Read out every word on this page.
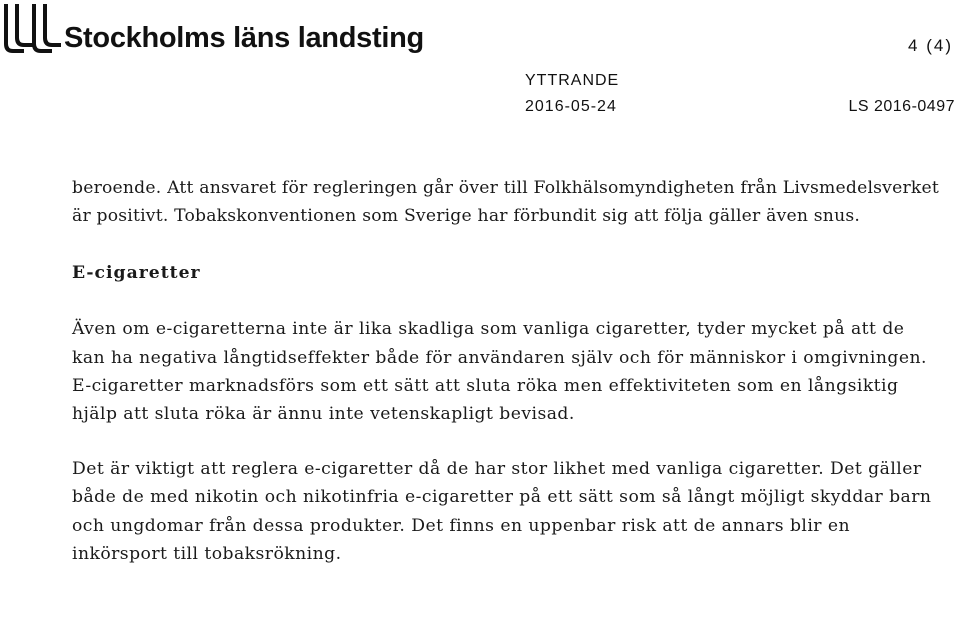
Stockholms läns landsting	4 (4)
YTTRANDE
2016-05-24	LS 2016-0497

beroende. Att ansvaret för regleringen går över till Folkhälsomyndigheten från Livsmedelsverket är positivt. Tobakskonventionen som Sverige har förbundit sig att följa gäller även snus.

E-cigaretter

Även om e-cigaretterna inte är lika skadliga som vanliga cigaretter, tyder mycket på att de kan ha negativa långtidseffekter både för användaren själv och för människor i omgivningen. E-cigaretter marknadsförs som ett sätt att sluta röka men effektiviteten som en långsiktig hjälp att sluta röka är ännu inte vetenskapligt bevisad.

Det är viktigt att reglera e-cigaretter då de har stor likhet med vanliga cigaretter. Det gäller både de med nikotin och nikotinfria e-cigaretter på ett sätt som så långt möjligt skyddar barn och ungdomar från dessa produkter. Det finns en uppenbar risk att de annars blir en inkörsport till tobaksrökning.
